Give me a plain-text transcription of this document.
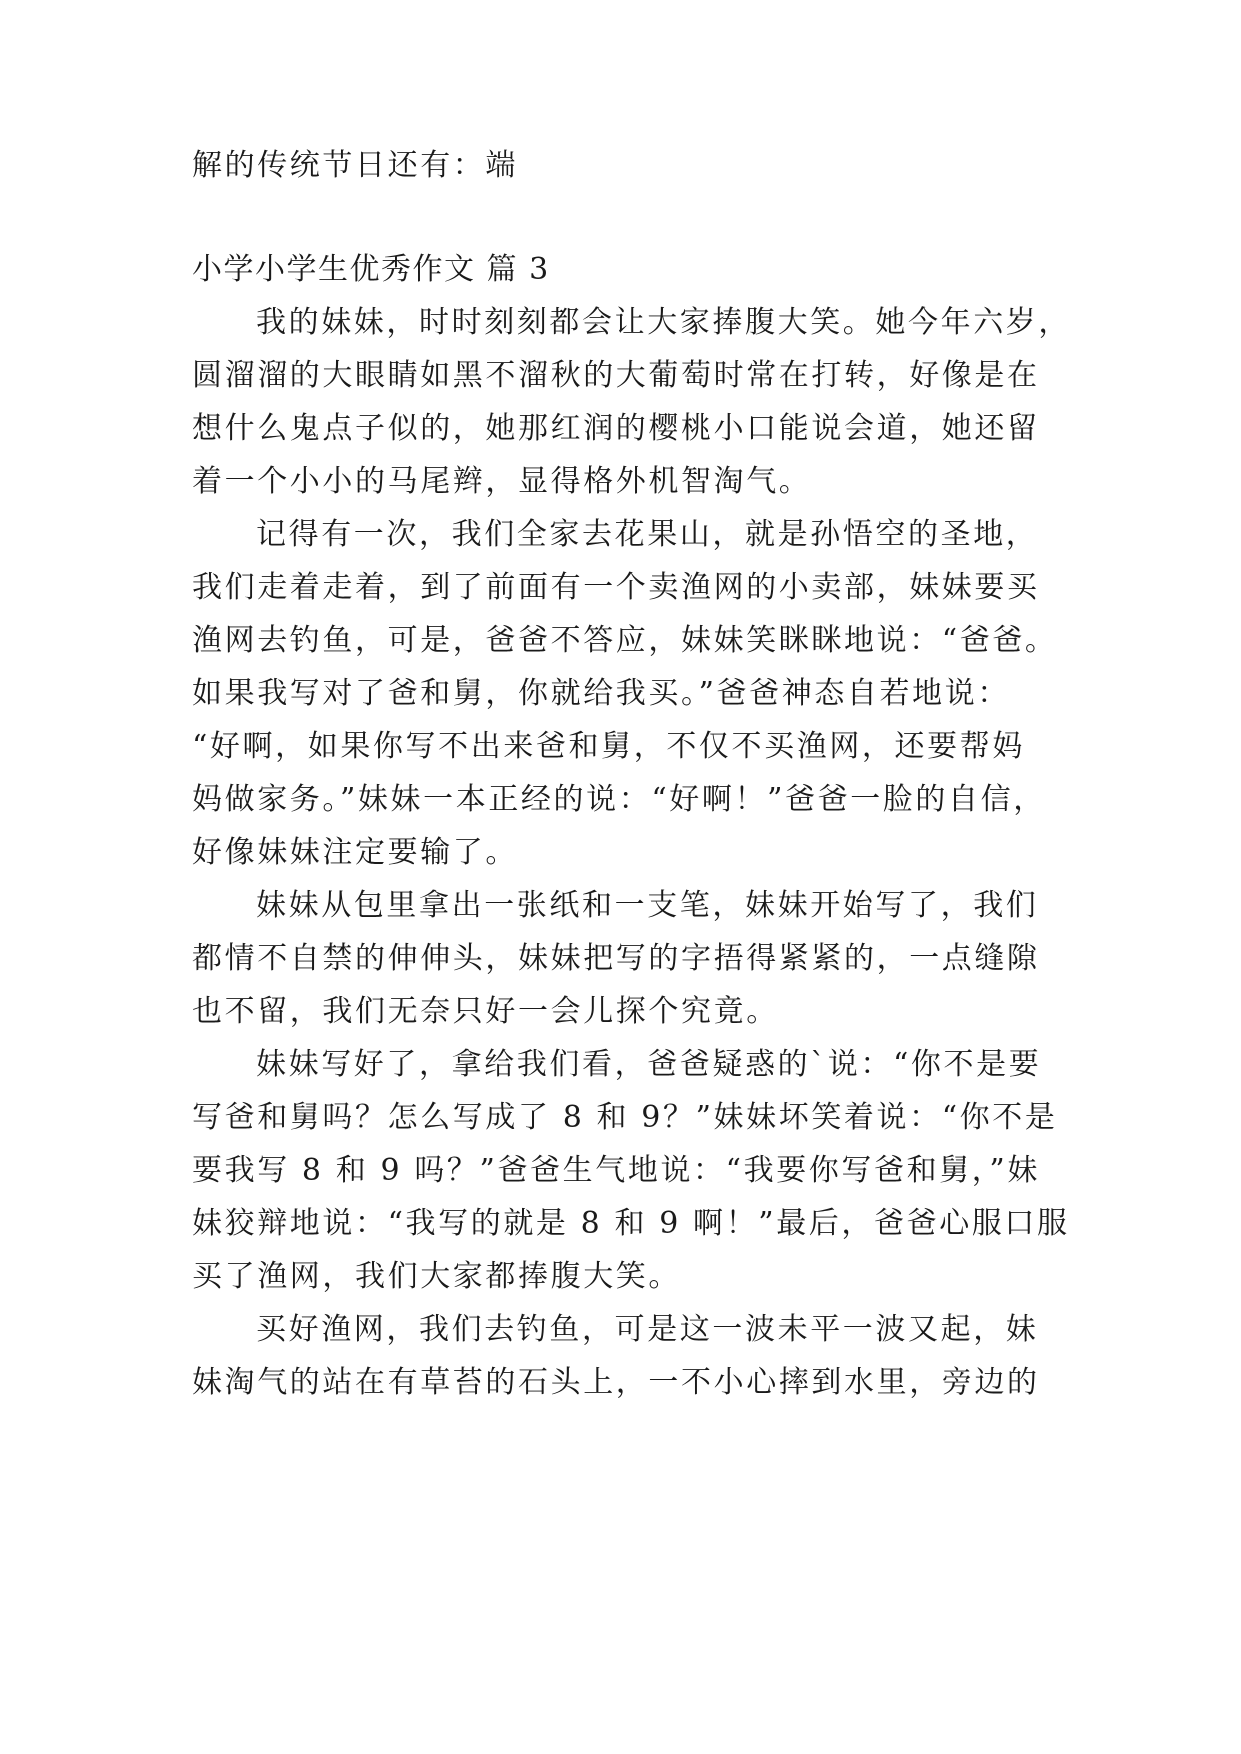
解的传统节日还有：端
小学小学生优秀作文 篇 3
我的妹妹，时时刻刻都会让大家捧腹大笑。她今年六岁，
圆溜溜的大眼睛如黑不溜秋的大葡萄时常在打转，好像是在
想什么鬼点子似的，她那红润的樱桃小口能说会道，她还留
着一个小小的马尾辫，显得格外机智淘气。
记得有一次，我们全家去花果山，就是孙悟空的圣地，
我们走着走着，到了前面有一个卖渔网的小卖部，妹妹要买
渔网去钓鱼，可是，爸爸不答应，妹妹笑眯眯地说：“爸爸。
如果我写对了爸和舅，你就给我买。”爸爸神态自若地说：
“好啊，如果你写不出来爸和舅，不仅不买渔网，还要帮妈
妈做家务。”妹妹一本正经的说：“好啊！”爸爸一脸的自信，
好像妹妹注定要输了。
妹妹从包里拿出一张纸和一支笔，妹妹开始写了，我们
都情不自禁的伸伸头，妹妹把写的字捂得紧紧的，一点缝隙
也不留，我们无奈只好一会儿探个究竟。
妹妹写好了，拿给我们看，爸爸疑惑的`说：“你不是要
写爸和舅吗？怎么写成了 8 和 9？”妹妹坏笑着说：“你不是
要我写 8 和 9 吗？”爸爸生气地说：“我要你写爸和舅，”妹
妹狡辩地说：“我写的就是 8 和 9 啊！”最后，爸爸心服口服
买了渔网，我们大家都捧腹大笑。
买好渔网，我们去钓鱼，可是这一波未平一波又起，妹
妹淘气的站在有草苔的石头上，一不小心摔到水里，旁边的
